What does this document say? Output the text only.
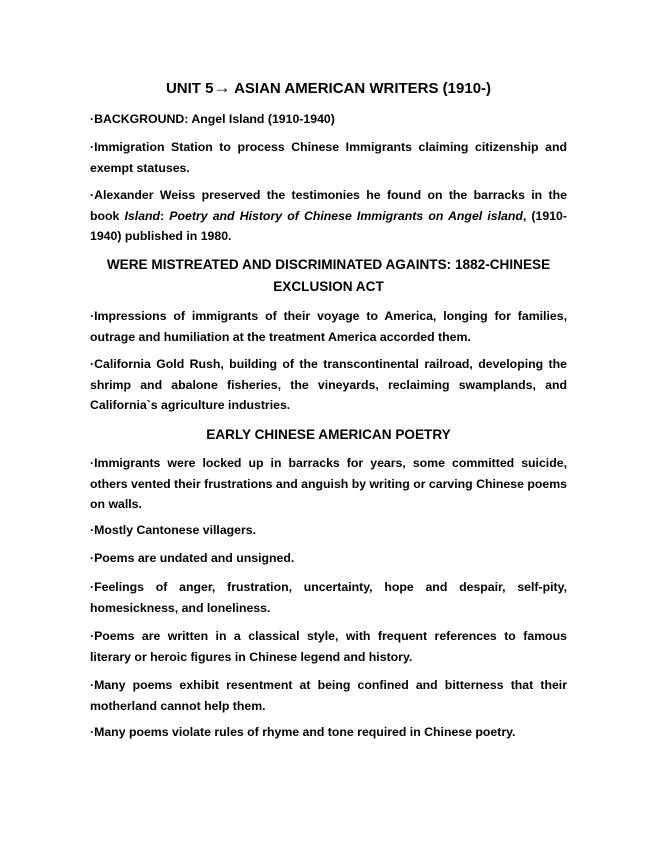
UNIT 5→ ASIAN AMERICAN WRITERS (1910-)
·BACKGROUND: Angel Island (1910-1940)
·Immigration Station to process Chinese Immigrants claiming citizenship and exempt statuses.
·Alexander Weiss preserved the testimonies he found on the barracks in the book Island: Poetry and History of Chinese Immigrants on Angel island, (1910-1940) published in 1980.
WERE MISTREATED AND DISCRIMINATED AGAINTS: 1882-CHINESE EXCLUSION ACT
·Impressions of immigrants of their voyage to America, longing for families, outrage and humiliation at the treatment America accorded them.
·California Gold Rush, building of the transcontinental railroad, developing the shrimp and abalone fisheries, the vineyards, reclaiming swamplands, and California`s agriculture industries.
EARLY CHINESE AMERICAN POETRY
·Immigrants were locked up in barracks for years, some committed suicide, others vented their frustrations and anguish by writing or carving Chinese poems on walls.
·Mostly Cantonese villagers.
·Poems are undated and unsigned.
·Feelings of anger, frustration, uncertainty, hope and despair, self-pity, homesickness, and loneliness.
·Poems are written in a classical style, with frequent references to famous literary or heroic figures in Chinese legend and history.
·Many poems exhibit resentment at being confined and bitterness that their motherland cannot help them.
·Many poems violate rules of rhyme and tone required in Chinese poetry.
